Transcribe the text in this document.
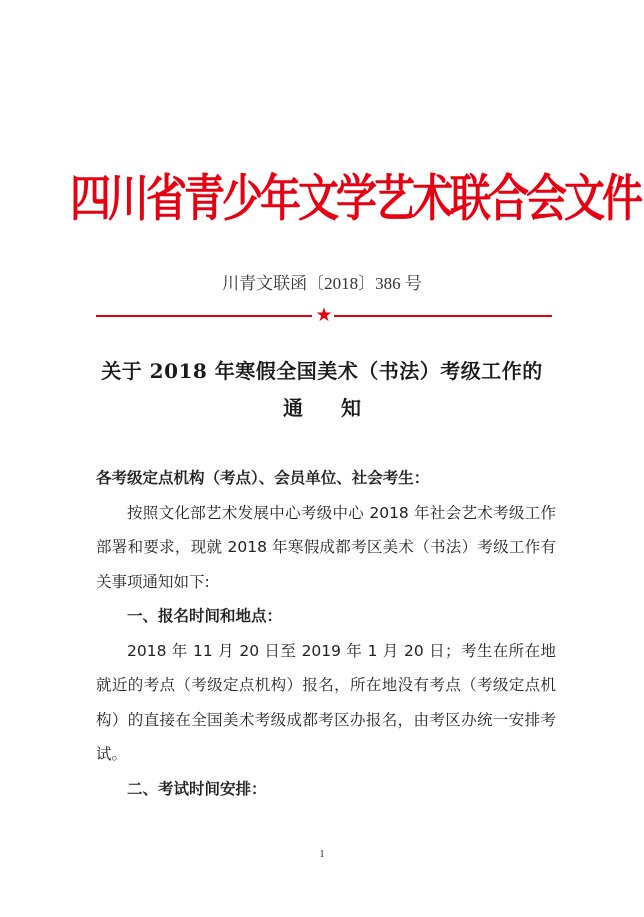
四川省青少年文学艺术联合会文件
川青文联函〔2018〕386 号
★
关于 2018 年寒假全国美术（书法）考级工作的
通 知

各考级定点机构（考点）、会员单位、社会考生：

按照文化部艺术发展中心考级中心 2018 年社会艺术考级工作部署和要求，现就 2018 年寒假成都考区美术（书法）考级工作有关事项通知如下:

一、报名时间和地点：

2018 年 11 月 20 日至 2019 年 1 月 20 日；考生在所在地就近的考点（考级定点机构）报名，所在地没有考点（考级定点机构）的直接在全国美术考级成都考区办报名，由考区办统一安排考试。

二、考试时间安排：

1
